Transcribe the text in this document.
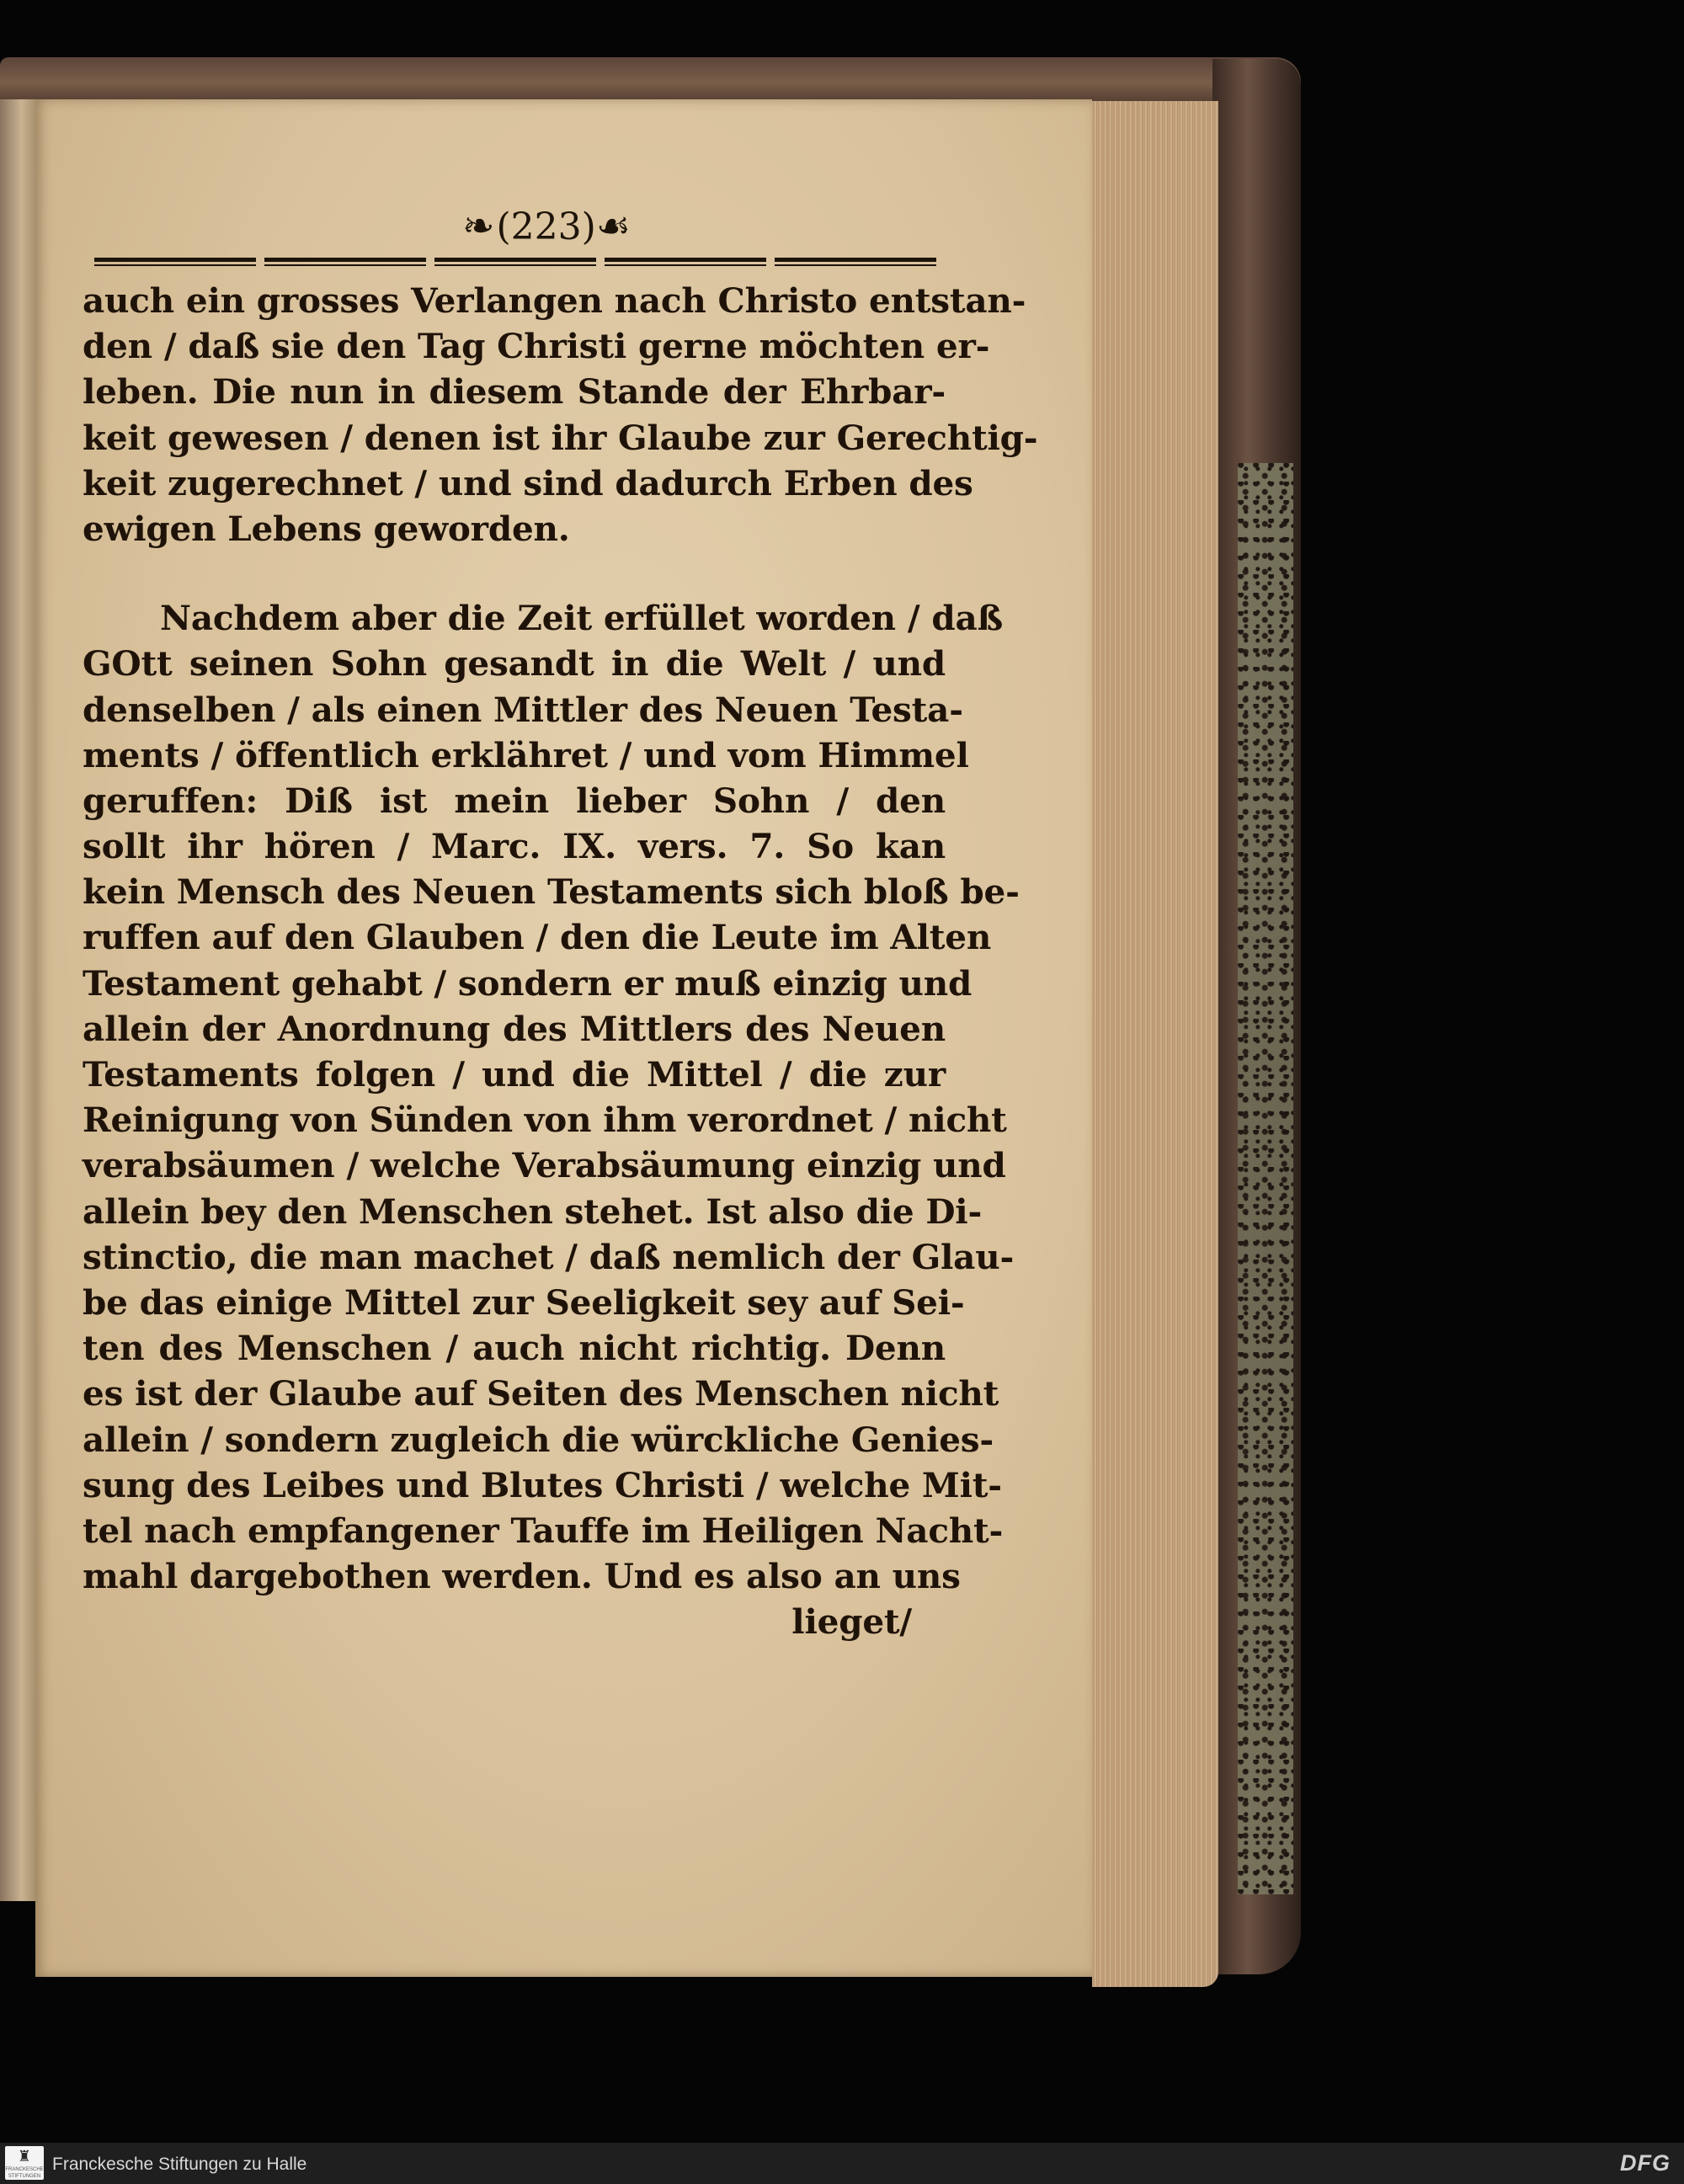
❧(223)☙
auch ein grosses Verlangen nach Christo entstan-
den / daß sie den Tag Christi gerne möchten er-
leben. Die nun in diesem Stande der Ehrbar-
keit gewesen / denen ist ihr Glaube zur Gerechtig-
keit zugerechnet / und sind dadurch Erben des
ewigen Lebens geworden.
Nachdem aber die Zeit erfüllet worden / daß
GOtt seinen Sohn gesandt in die Welt / und
denselben / als einen Mittler des Neuen Testa-
ments / öffentlich erklähret / und vom Himmel
geruffen: Diß ist mein lieber Sohn / den
sollt ihr hören / Marc. IX. vers. 7. So kan
kein Mensch des Neuen Testaments sich bloß be-
ruffen auf den Glauben / den die Leute im Alten
Testament gehabt / sondern er muß einzig und
allein der Anordnung des Mittlers des Neuen
Testaments folgen / und die Mittel / die zur
Reinigung von Sünden von ihm verordnet / nicht
verabsäumen / welche Verabsäumung einzig und
allein bey den Menschen stehet. Ist also die Di-
stinctio, die man machet / daß nemlich der Glau-
be das einige Mittel zur Seeligkeit sey auf Sei-
ten des Menschen / auch nicht richtig. Denn
es ist der Glaube auf Seiten des Menschen nicht
allein / sondern zugleich die würckliche Genies-
sung des Leibes und Blutes Christi / welche Mit-
tel nach empfangener Tauffe im Heiligen Nacht-
mahl dargebothen werden. Und es also an uns
lieget/
♜
FRANCKESCHE STIFTUNGEN
Franckesche Stiftungen zu Halle	DFG
